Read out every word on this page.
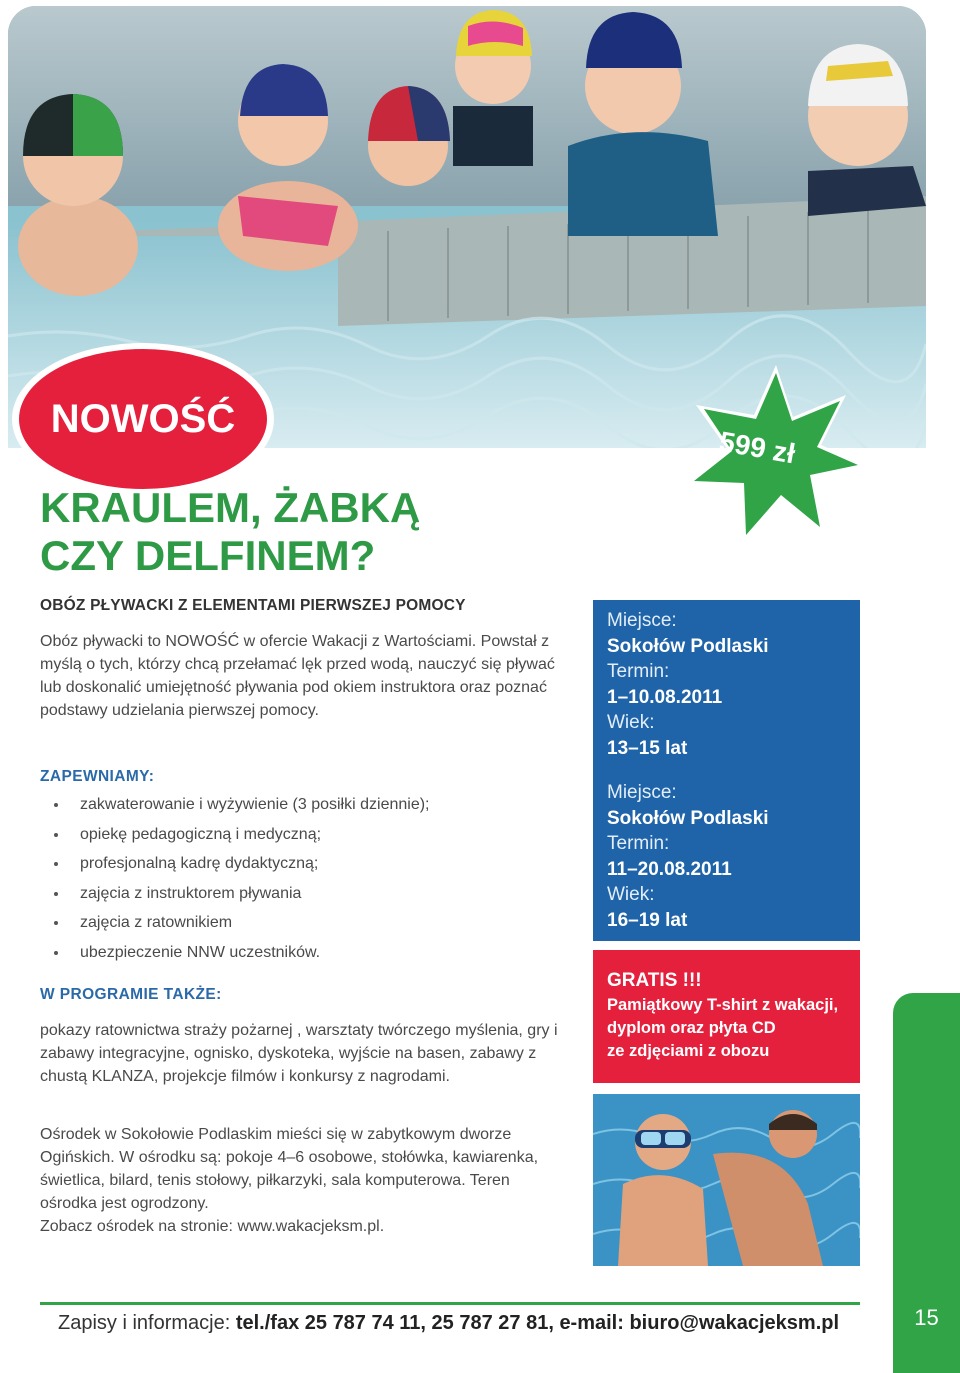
NOWOŚĆ
599 zł
KRAULEM, ŻABKĄ
CZY DELFINEM?
OBÓZ PŁYWACKI Z ELEMENTAMI PIERWSZEJ POMOCY
Obóz pływacki to NOWOŚĆ w ofercie Wakacji z Wartościami. Powstał z myślą o tych, którzy chcą przełamać lęk przed wodą, nauczyć się pływać lub doskonalić umiejętność pływania pod okiem instruktora oraz poznać podstawy udzielania pierwszej pomocy.
ZAPEWNIAMY:
zakwaterowanie i wyżywienie (3 posiłki dziennie);
opiekę pedagogiczną i medyczną;
profesjonalną kadrę dydaktyczną;
zajęcia z instruktorem pływania
zajęcia z ratownikiem
ubezpieczenie NNW uczestników.
W PROGRAMIE TAKŻE:
pokazy ratownictwa straży pożarnej , warsztaty twórczego myślenia, gry i zabawy integracyjne, ognisko, dyskoteka, wyjście na basen, zabawy z chustą KLANZA, projekcje filmów i konkursy z nagrodami.

Ośrodek w Sokołowie Podlaskim mieści się w zabytkowym dworze Ogińskich. W ośrodku są: pokoje 4–6 osobowe, stołówka, kawiarenka, świetlica, bilard, tenis stołowy, piłkarzyki, sala komputerowa. Teren ośrodka jest ogrodzony.

Zobacz ośrodek na stronie: www.wakacjeksm.pl.

Miejsce:
Sokołów Podlaski
Termin:
1–10.08.2011
Wiek:
13–15 lat
Miejsce:
Sokołów Podlaski
Termin:
11–20.08.2011
Wiek:
16–19 lat
GRATIS !!!
Pamiątkowy T-shirt z wakacji,
dyplom oraz płyta CD
ze zdjęciami z obozu
15
Zapisy i informacje: tel./fax 25 787 74 11, 25 787 27 81, e-mail: biuro@wakacjeksm.pl
